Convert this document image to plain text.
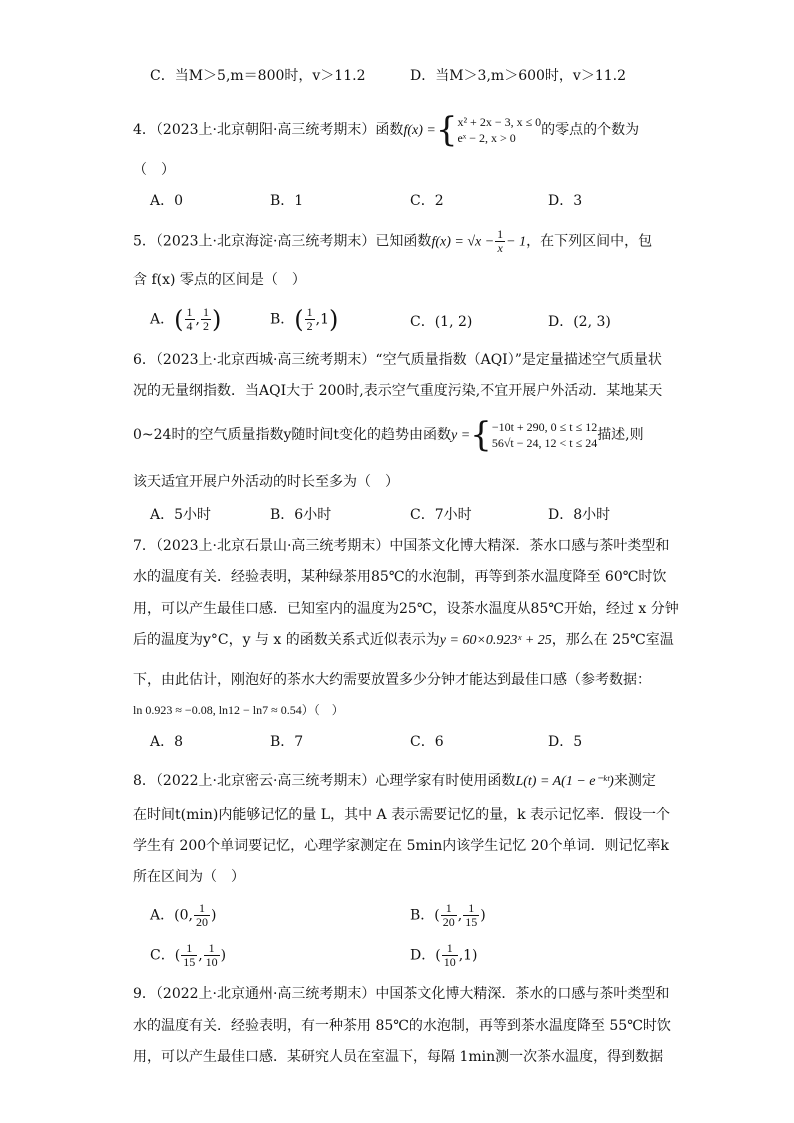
C．当M＞5,m＝800时，v＞11.2	D．当M＞3,m＞600时，v＞11.2
4．（2023上·北京朝阳·高三统考期末）函数f(x) ={ x² + 2x − 3, x ≤ 0
eˣ − 2, x > 0	的零点的个数为
（　）
A．0	B．1	C．2	D．3
5．（2023上·北京海淀·高三统考期末）已知函数$f(x) = √x - \frac{1}{x} - 1$，在下列区间中，包
含 f(x) 零点的区间是（　）
A．( $\frac{1}{4}$ , $\frac{1}{2}$ )	B．( $\frac{1}{2} ,1$)	C．(1, 2)	D．(2, 3)
6．（2023上·北京西城·高三统考期末）“空气质量指数（AQI）”是定量描述空气质量状
况的无量纲指数．当AQI大于 200时,表示空气重度污染,不宜开展户外活动．某地某天
0~24时的空气质量指数y随时间t变化的趋势由函数y ={ −10t + 290, 0 ≤ t ≤ 12
56√t − 24, 12 < t ≤ 24 描述,则
该天适宜开展户外活动的时长至多为（　）
A．5小时	B．6小时	C．7小时	D．8小时
7．（2023上·北京石景山·高三统考期末）中国茶文化博大精深．茶水口感与茶叶类型和
水的温度有关．经验表明，某种绿茶用85℃的水泡制，再等到茶水温度降至 60℃时饮
用，可以产生最佳口感．已知室内的温度为25℃，设茶水温度从85℃开始，经过 x 分钟
后的温度为y°C，y 与 x 的函数关系式近似表示为y = 60×0.923ˣ + 25，那么在 25℃室温
下，由此估计，刚泡好的茶水大约需要放置多少分钟才能达到最佳口感（参考数据：
ln 0.923 ≈ −0.08, ln12 − ln7 ≈ 0.54）（　）
A．8	B．7	C．6	D．5
8．（2022上·北京密云·高三统考期末）心理学家有时使用函数L(t) = A(1 − e⁻ᵏᵗ)来测定
在时间t(min)内能够记忆的量 L，其中 A 表示需要记忆的量，k 表示记忆率．假设一个
学生有 200个单词要记忆，心理学家测定在 5min内该学生记忆 20个单词．则记忆率k
所在区间为（　）
A．(0, $\frac{1}{20}$ )	B．( $\frac{1}{20}$ , $\frac{1}{15}$ )
C．( $\frac{1}{15}$ , $\frac{1}{10}$ )	D．( $\frac{1}{10} ,1$)
9．（2022上·北京通州·高三统考期末）中国茶文化博大精深．茶水的口感与茶叶类型和
水的温度有关．经验表明，有一种茶用 85℃的水泡制，再等到茶水温度降至 55℃时饮
用，可以产生最佳口感．某研究人员在室温下，每隔 1min测一次茶水温度，得到数据
